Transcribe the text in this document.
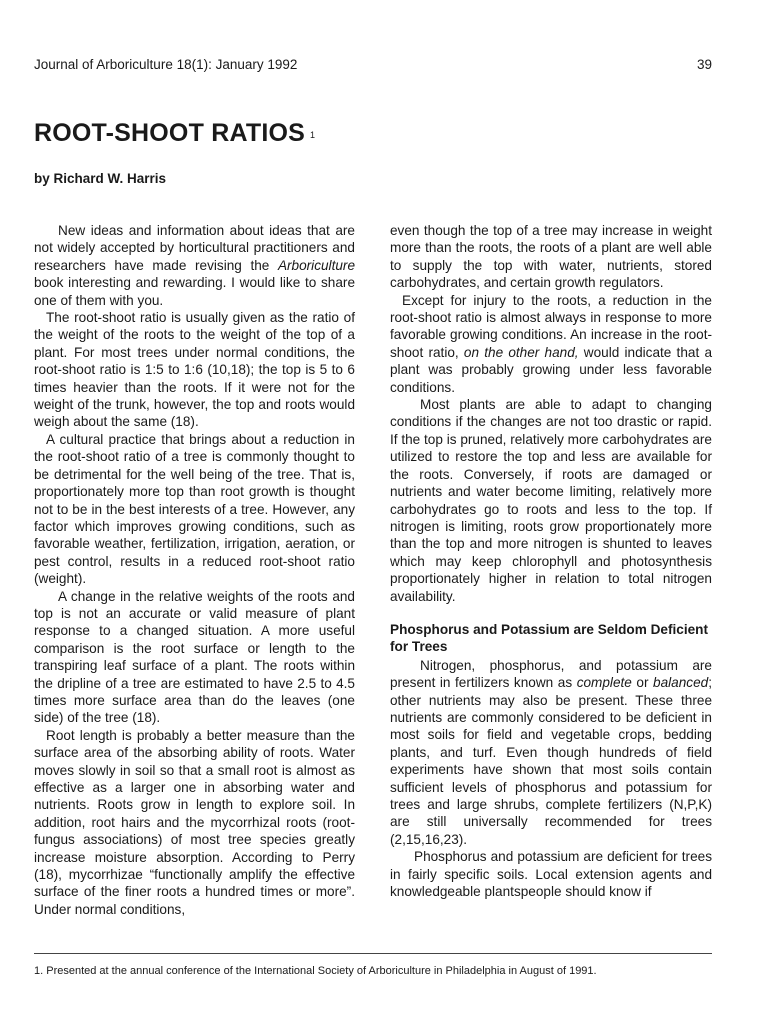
Journal of Arboriculture 18(1): January 1992	39
ROOT-SHOOT RATIOS $^1$
by Richard W. Harris

New ideas and information about ideas that are not widely accepted by horticultural practitioners and researchers have made revising the Arboriculture book interesting and rewarding. I would like to share one of them with you.

The root-shoot ratio is usually given as the ratio of the weight of the roots to the weight of the top of a plant. For most trees under normal conditions, the root-shoot ratio is 1:5 to 1:6 (10,18); the top is 5 to 6 times heavier than the roots. If it were not for the weight of the trunk, however, the top and roots would weigh about the same (18).

A cultural practice that brings about a reduction in the root-shoot ratio of a tree is commonly thought to be detrimental for the well being of the tree. That is, proportionately more top than root growth is thought not to be in the best interests of a tree. However, any factor which improves growing conditions, such as favorable weather, fertilization, irrigation, aeration, or pest control, results in a reduced root-shoot ratio (weight).

A change in the relative weights of the roots and top is not an accurate or valid measure of plant response to a changed situation. A more useful comparison is the root surface or length to the transpiring leaf surface of a plant. The roots within the dripline of a tree are estimated to have 2.5 to 4.5 times more surface area than do the leaves (one side) of the tree (18).

Root length is probably a better measure than the surface area of the absorbing ability of roots. Water moves slowly in soil so that a small root is almost as effective as a larger one in absorbing water and nutrients. Roots grow in length to explore soil. In addition, root hairs and the mycorrhizal roots (root-fungus associations) of most tree species greatly increase moisture absorption. According to Perry (18), mycorrhizae “functionally amplify the effective surface of the finer roots a hundred times or more”. Under normal conditions,

even though the top of a tree may increase in weight more than the roots, the roots of a plant are well able to supply the top with water, nutrients, stored carbohydrates, and certain growth regulators.

Except for injury to the roots, a reduction in the root-shoot ratio is almost always in response to more favorable growing conditions. An increase in the root-shoot ratio, on the other hand, would indicate that a plant was probably growing under less favorable conditions.

Most plants are able to adapt to changing conditions if the changes are not too drastic or rapid. If the top is pruned, relatively more carbohydrates are utilized to restore the top and less are available for the roots. Conversely, if roots are damaged or nutrients and water become limiting, relatively more carbohydrates go to roots and less to the top. If nitrogen is limiting, roots grow proportionately more than the top and more nitrogen is shunted to leaves which may keep chlorophyll and photosynthesis proportionately higher in relation to total nitrogen availability.

Phosphorus and Potassium are Seldom Deficient for Trees

Nitrogen, phosphorus, and potassium are present in fertilizers known as complete or balanced; other nutrients may also be present. These three nutrients are commonly considered to be deficient in most soils for field and vegetable crops, bedding plants, and turf. Even though hundreds of field experiments have shown that most soils contain sufficient levels of phosphorus and potassium for trees and large shrubs, complete fertilizers (N,P,K) are still universally recommended for trees (2,15,16,23).

Phosphorus and potassium are deficient for trees in fairly specific soils. Local extension agents and knowledgeable plantspeople should know if

1. Presented at the annual conference of the International Society of Arboriculture in Philadelphia in August of 1991.
